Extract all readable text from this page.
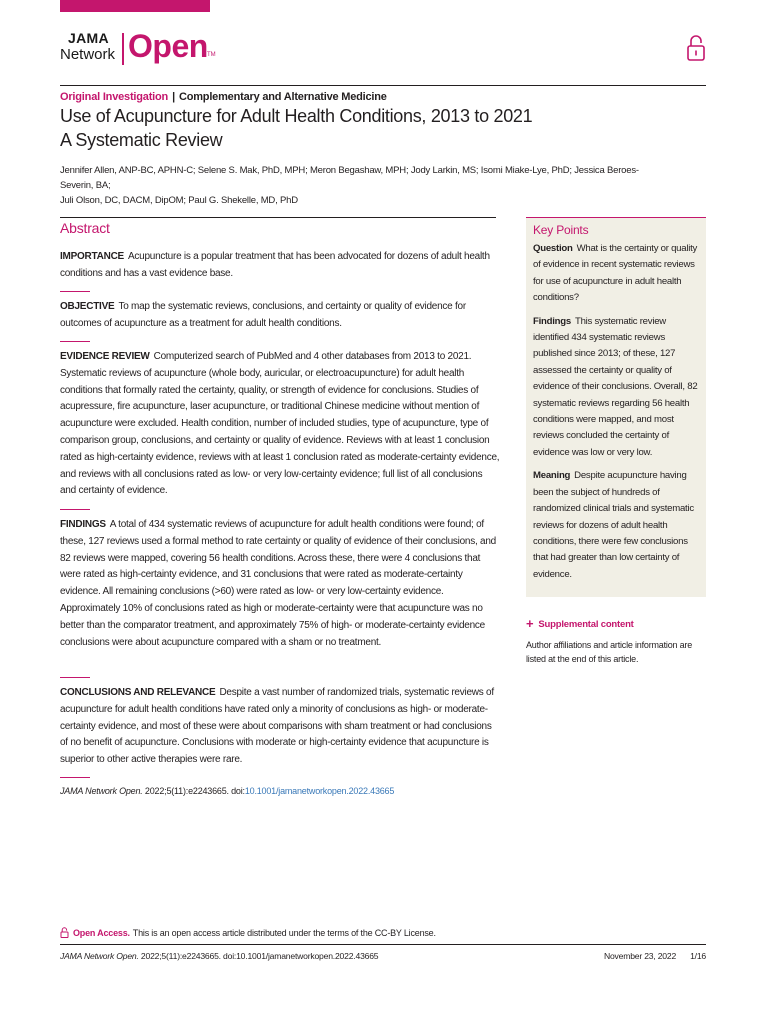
JAMA
Network Open TM
Original Investigation | Complementary and Alternative Medicine
Use of Acupuncture for Adult Health Conditions, 2013 to 2021
A Systematic Review
Jennifer Allen, ANP-BC, APHN-C; Selene S. Mak, PhD, MPH; Meron Begashaw, MPH; Jody Larkin, MS; Isomi Miake-Lye, PhD; Jessica Beroes-Severin, BA;
Juli Olson, DC, DACM, DipOM; Paul G. Shekelle, MD, PhD
Abstract
IMPORTANCE Acupuncture is a popular treatment that has been advocated for dozens of adult health conditions and has a vast evidence base.
OBJECTIVE To map the systematic reviews, conclusions, and certainty or quality of evidence for outcomes of acupuncture as a treatment for adult health conditions.
EVIDENCE REVIEW Computerized search of PubMed and 4 other databases from 2013 to 2021. Systematic reviews of acupuncture (whole body, auricular, or electroacupuncture) for adult health conditions that formally rated the certainty, quality, or strength of evidence for conclusions. Studies of acupressure, fire acupuncture, laser acupuncture, or traditional Chinese medicine without mention of acupuncture were excluded. Health condition, number of included studies, type of acupuncture, type of comparison group, conclusions, and certainty or quality of evidence. Reviews with at least 1 conclusion rated as high-certainty evidence, reviews with at least 1 conclusion rated as moderate-certainty evidence, and reviews with all conclusions rated as low- or very low-certainty evidence; full list of all conclusions and certainty of evidence.
FINDINGS A total of 434 systematic reviews of acupuncture for adult health conditions were found; of these, 127 reviews used a formal method to rate certainty or quality of evidence of their conclusions, and 82 reviews were mapped, covering 56 health conditions. Across these, there were 4 conclusions that were rated as high-certainty evidence, and 31 conclusions that were rated as moderate-certainty evidence. All remaining conclusions (>60) were rated as low- or very low-certainty evidence. Approximately 10% of conclusions rated as high or moderate-certainty were that acupuncture was no better than the comparator treatment, and approximately 75% of high- or moderate-certainty evidence conclusions were about acupuncture compared with a sham or no treatment.
CONCLUSIONS AND RELEVANCE Despite a vast number of randomized trials, systematic reviews of acupuncture for adult health conditions have rated only a minority of conclusions as high- or moderate-certainty evidence, and most of these were about comparisons with sham treatment or had conclusions of no benefit of acupuncture. Conclusions with moderate or high-certainty evidence that acupuncture is superior to other active therapies were rare.
JAMA Network Open. 2022;5(11):e2243665. doi:10.1001/jamanetworkopen.2022.43665
Key Points
Question What is the certainty or quality of evidence in recent systematic reviews for use of acupuncture in adult health conditions?
Findings This systematic review identified 434 systematic reviews published since 2013; of these, 127 assessed the certainty or quality of evidence of their conclusions. Overall, 82 systematic reviews regarding 56 health conditions were mapped, and most reviews concluded the certainty of evidence was low or very low.
Meaning Despite acupuncture having been the subject of hundreds of randomized clinical trials and systematic reviews for dozens of adult health conditions, there were few conclusions that had greater than low certainty of evidence.
+ Supplemental content
Author affiliations and article information are listed at the end of this article.
Open Access. This is an open access article distributed under the terms of the CC-BY License.
JAMA Network Open. 2022;5(11):e2243665. doi:10.1001/jamanetworkopen.2022.43665	November 23, 2022 1/16
